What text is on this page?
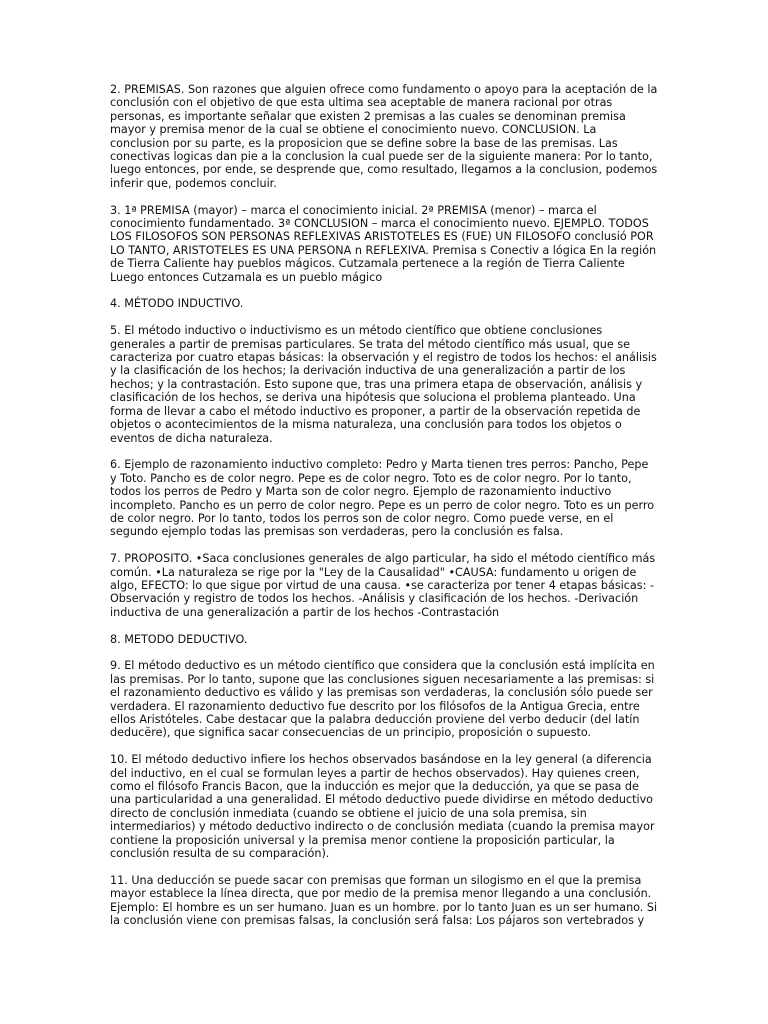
2. PREMISAS. Son razones que alguien ofrece como fundamento o apoyo para la aceptación de la conclusión con el objetivo de que esta ultima sea aceptable de manera racional por otras personas, es importante señalar que existen 2 premisas a las cuales se denominan premisa mayor y premisa menor de la cual se obtiene el conocimiento nuevo. CONCLUSION. La conclusion por su parte, es la proposicion que se define sobre la base de las premisas. Las conectivas logicas dan pie a la conclusion la cual puede ser de la siguiente manera: Por lo tanto, luego entonces, por ende, se desprende que, como resultado, llegamos a la conclusion, podemos inferir que, podemos concluir.

3. 1ª PREMISA (mayor) – marca el conocimiento inicial. 2ª PREMISA (menor) – marca el conocimiento fundamentado. 3ª CONCLUSION – marca el conocimiento nuevo. EJEMPLO. TODOS LOS FILOSOFOS SON PERSONAS REFLEXIVAS ARISTOTELES ES (FUE) UN FILOSOFO conclusió POR LO TANTO, ARISTOTELES ES UNA PERSONA n REFLEXIVA. Premisa s Conectiv a lógica En la región de Tierra Caliente hay pueblos mágicos. Cutzamala pertenece a la región de Tierra Caliente Luego entonces Cutzamala es un pueblo mágico

4. MÉTODO INDUCTIVO.

5. El método inductivo o inductivismo es un método científico que obtiene conclusiones generales a partir de premisas particulares. Se trata del método científico más usual, que se caracteriza por cuatro etapas básicas: la observación y el registro de todos los hechos: el análisis y la clasificación de los hechos; la derivación inductiva de una generalización a partir de los hechos; y la contrastación. Esto supone que, tras una primera etapa de observación, análisis y clasificación de los hechos, se deriva una hipótesis que soluciona el problema planteado. Una forma de llevar a cabo el método inductivo es proponer, a partir de la observación repetida de objetos o acontecimientos de la misma naturaleza, una conclusión para todos los objetos o eventos de dicha naturaleza.

6. Ejemplo de razonamiento inductivo completo: Pedro y Marta tienen tres perros: Pancho, Pepe y Toto. Pancho es de color negro. Pepe es de color negro. Toto es de color negro. Por lo tanto, todos los perros de Pedro y Marta son de color negro. Ejemplo de razonamiento inductivo incompleto. Pancho es un perro de color negro. Pepe es un perro de color negro. Toto es un perro de color negro. Por lo tanto, todos los perros son de color negro. Como puede verse, en el segundo ejemplo todas las premisas son verdaderas, pero la conclusión es falsa.

7. PROPOSITO. •Saca conclusiones generales de algo particular, ha sido el método científico más común. •La naturaleza se rige por la "Ley de la Causalidad" •CAUSA: fundamento u origen de algo, EFECTO: lo que sigue por virtud de una causa. •se caracteriza por tener 4 etapas básicas: -Observación y registro de todos los hechos. -Análisis y clasificación de los hechos. -Derivación inductiva de una generalización a partir de los hechos -Contrastación

8. METODO DEDUCTIVO.

9. El método deductivo es un método científico que considera que la conclusión está implícita en las premisas. Por lo tanto, supone que las conclusiones siguen necesariamente a las premisas: si el razonamiento deductivo es válido y las premisas son verdaderas, la conclusión sólo puede ser verdadera. El razonamiento deductivo fue descrito por los filósofos de la Antigua Grecia, entre ellos Aristóteles. Cabe destacar que la palabra deducción proviene del verbo deducir (del latín deducĕre), que significa sacar consecuencias de un principio, proposición o supuesto.

10. El método deductivo infiere los hechos observados basándose en la ley general (a diferencia del inductivo, en el cual se formulan leyes a partir de hechos observados). Hay quienes creen, como el filósofo Francis Bacon, que la inducción es mejor que la deducción, ya que se pasa de una particularidad a una generalidad. El método deductivo puede dividirse en método deductivo directo de conclusión inmediata (cuando se obtiene el juicio de una sola premisa, sin intermediarios) y método deductivo indirecto o de conclusión mediata (cuando la premisa mayor contiene la proposición universal y la premisa menor contiene la proposición particular, la conclusión resulta de su comparación).

11. Una deducción se puede sacar con premisas que forman un silogismo en el que la premisa mayor establece la línea directa, que por medio de la premisa menor llegando a una conclusión. Ejemplo: El hombre es un ser humano. Juan es un hombre. por lo tanto Juan es un ser humano. Si la conclusión viene con premisas falsas, la conclusión será falsa: Los pájaros son vertebrados y
